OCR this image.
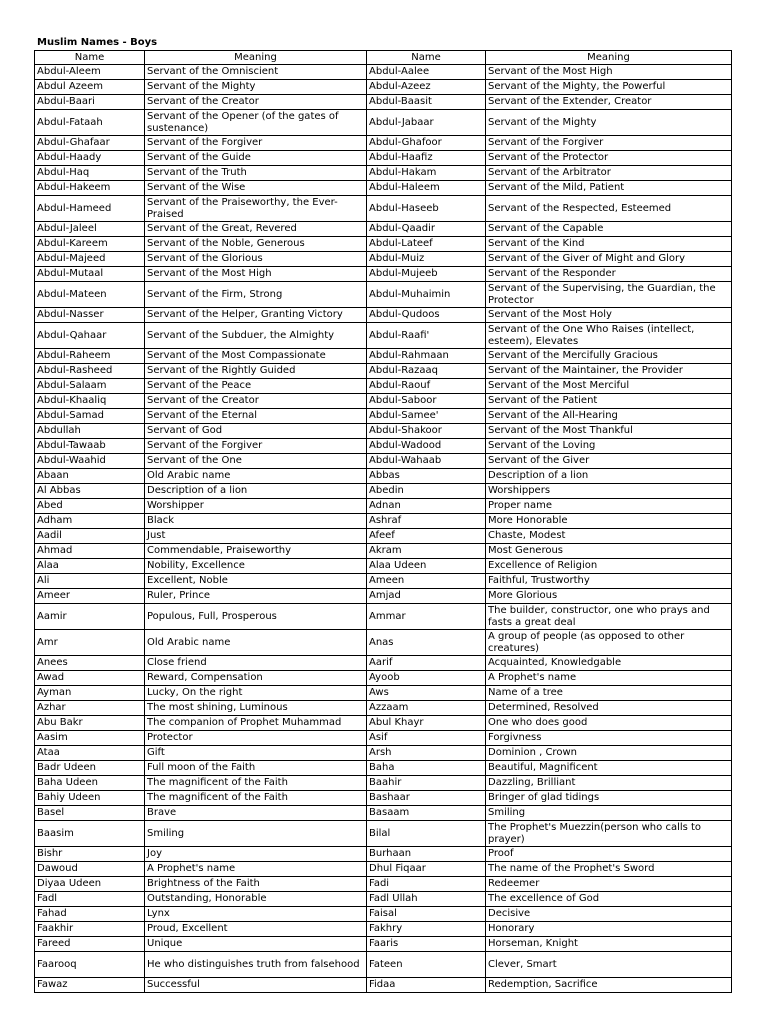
Muslim Names - Boys
Name	Meaning	Name	Meaning
Abdul-Aleem	Servant of the Omniscient	Abdul-Aalee	Servant of the Most High
Abdul Azeem	Servant of the Mighty	Abdul-Azeez	Servant of the Mighty, the Powerful
Abdul-Baari	Servant of the Creator	Abdul-Baasit	Servant of the Extender, Creator
Abdul-Fataah	Servant of the Opener (of the gates of sustenance)	Abdul-Jabaar	Servant of the Mighty
Abdul-Ghafaar	Servant of the Forgiver	Abdul-Ghafoor	Servant of the Forgiver
Abdul-Haady	Servant of the Guide	Abdul-Haafiz	Servant of the Protector
Abdul-Haq	Servant of the Truth	Abdul-Hakam	Servant of the Arbitrator
Abdul-Hakeem	Servant of the Wise	Abdul-Haleem	Servant of the Mild, Patient
Abdul-Hameed	Servant of the Praiseworthy, the Ever-Praised	Abdul-Haseeb	Servant of the Respected, Esteemed
Abdul-Jaleel	Servant of the Great, Revered	Abdul-Qaadir	Servant of the Capable
Abdul-Kareem	Servant of the Noble, Generous	Abdul-Lateef	Servant of the Kind
Abdul-Majeed	Servant of the Glorious	Abdul-Muiz	Servant of the Giver of Might and Glory
Abdul-Mutaal	Servant of the Most High	Abdul-Mujeeb	Servant of the Responder
Abdul-Mateen	Servant of the Firm, Strong	Abdul-Muhaimin	Servant of the Supervising, the Guardian, the Protector
Abdul-Nasser	Servant of the Helper, Granting Victory	Abdul-Qudoos	Servant of the Most Holy
Abdul-Qahaar	Servant of the Subduer, the Almighty	Abdul-Raafi'	Servant of the One Who Raises (intellect, esteem), Elevates
Abdul-Raheem	Servant of the Most Compassionate	Abdul-Rahmaan	Servant of the Mercifully Gracious
Abdul-Rasheed	Servant of the Rightly Guided	Abdul-Razaaq	Servant of the Maintainer, the Provider
Abdul-Salaam	Servant of the Peace	Abdul-Raouf	Servant of the Most Merciful
Abdul-Khaaliq	Servant of the Creator	Abdul-Saboor	Servant of the Patient
Abdul-Samad	Servant of the Eternal	Abdul-Samee'	Servant of the All-Hearing
Abdullah	Servant of God	Abdul-Shakoor	Servant of the Most Thankful
Abdul-Tawaab	Servant of the Forgiver	Abdul-Wadood	Servant of the Loving
Abdul-Waahid	Servant of the One	Abdul-Wahaab	Servant of the Giver
Abaan	Old Arabic name	Abbas	Description of a lion
Al Abbas	Description of a lion	Abedin	Worshippers
Abed	Worshipper	Adnan	Proper name
Adham	Black	Ashraf	More Honorable
Aadil	Just	Afeef	Chaste, Modest
Ahmad	Commendable, Praiseworthy	Akram	Most Generous
Alaa	Nobility, Excellence	Alaa Udeen	Excellence of Religion
Ali	Excellent, Noble	Ameen	Faithful, Trustworthy
Ameer	Ruler, Prince	Amjad	More Glorious
Aamir	Populous, Full, Prosperous	Ammar	The builder, constructor, one who prays and fasts a great deal
Amr	Old Arabic name	Anas	A group of people (as opposed to other creatures)
Anees	Close friend	Aarif	Acquainted, Knowledgable
Awad	Reward, Compensation	Ayoob	A Prophet's name
Ayman	Lucky, On the right	Aws	Name of a tree
Azhar	The most shining, Luminous	Azzaam	Determined, Resolved
Abu Bakr	The companion of Prophet Muhammad	Abul Khayr	One who does good
Aasim	Protector	Asif	Forgivness
Ataa	Gift	Arsh	Dominion , Crown
Badr Udeen	Full moon of the Faith	Baha	Beautiful, Magnificent
Baha Udeen	The magnificent of the Faith	Baahir	Dazzling, Brilliant
Bahiy Udeen	The magnificent of the Faith	Bashaar	Bringer of glad tidings
Basel	Brave	Basaam	Smiling
Baasim	Smiling	Bilal	The Prophet's Muezzin(person who calls to prayer)
Bishr	Joy	Burhaan	Proof
Dawoud	A Prophet's name	Dhul Fiqaar	The name of the Prophet's Sword
Diyaa Udeen	Brightness of the Faith	Fadi	Redeemer
Fadl	Outstanding, Honorable	Fadl Ullah	The excellence of God
Fahad	Lynx	Faisal	Decisive
Faakhir	Proud, Excellent	Fakhry	Honorary
Fareed	Unique	Faaris	Horseman, Knight
Faarooq	He who distinguishes truth from falsehood	Fateen	Clever, Smart
Fawaz	Successful	Fidaa	Redemption, Sacrifice
